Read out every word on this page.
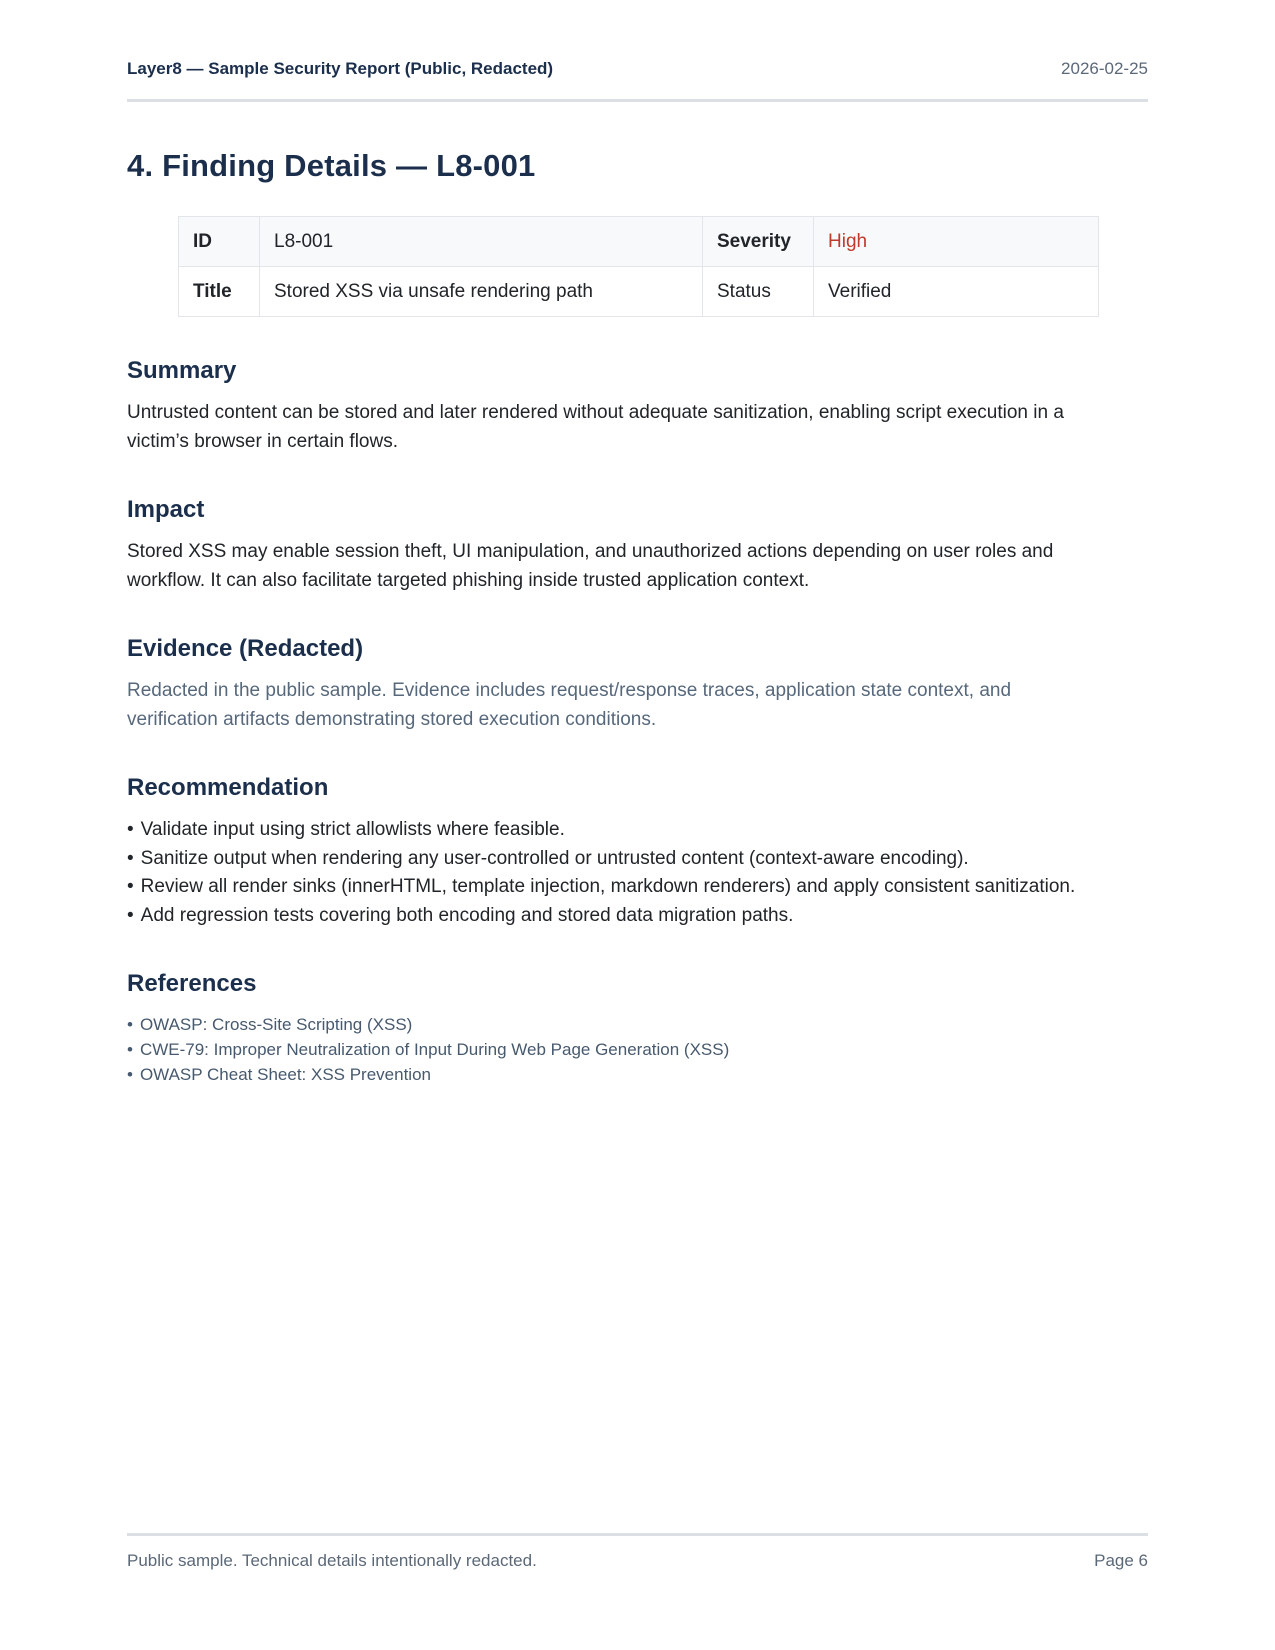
Layer8 — Sample Security Report (Public, Redacted)	2026-02-25
4. Finding Details — L8-001
ID	L8-001	Severity	High
Title	Stored XSS via unsafe rendering path	Status	Verified
Summary

Untrusted content can be stored and later rendered without adequate sanitization, enabling script execution in a victim’s browser in certain flows.

Impact

Stored XSS may enable session theft, UI manipulation, and unauthorized actions depending on user roles and workflow. It can also facilitate targeted phishing inside trusted application context.

Evidence (Redacted)

Redacted in the public sample. Evidence includes request/response traces, application state context, and verification artifacts demonstrating stored execution conditions.

Recommendation
• Validate input using strict allowlists where feasible.
• Sanitize output when rendering any user-controlled or untrusted content (context-aware encoding).
• Review all render sinks (innerHTML, template injection, markdown renderers) and apply consistent sanitization.
• Add regression tests covering both encoding and stored data migration paths.
References
• OWASP: Cross-Site Scripting (XSS)
• CWE-79: Improper Neutralization of Input During Web Page Generation (XSS)
• OWASP Cheat Sheet: XSS Prevention
Public sample. Technical details intentionally redacted.	Page 6
